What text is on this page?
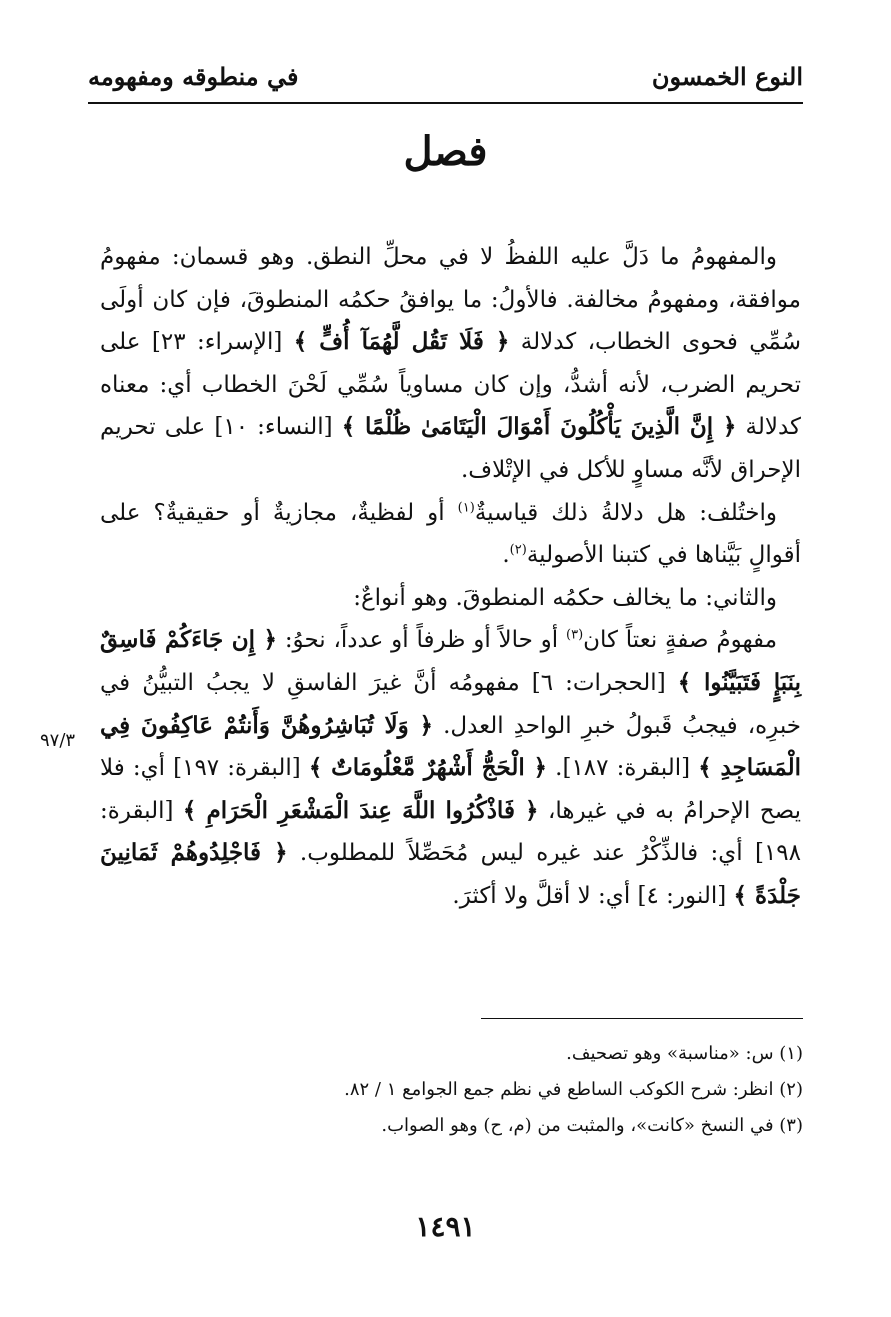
النوع الخمسون
في منطوقه ومفهومه
فصل

والمفهومُ ما دَلَّ عليه اللفظُ لا في محلِّ النطق. وهو قسمان: مفهومُ موافقة، ومفهومُ مخالفة. فالأولُ: ما يوافقُ حكمُه المنطوقَ، فإن كان أولَى سُمِّي فحوى الخطاب، كدلالة ﴿ فَلَا تَقُل لَّهُمَآ أُفٍّ ﴾ [الإسراء: ٢٣] على تحريم الضرب، لأنه أشدُّ، وإن كان مساوياً سُمِّي لَحْنَ الخطاب أي: معناه كدلالة ﴿ إِنَّ الَّذِينَ يَأْكُلُونَ أَمْوَالَ الْيَتَامَىٰ ظُلْمًا ﴾ [النساء: ١٠] على تحريم الإحراق لأنَّه مساوٍ للأكل في الإتْلاف.

واختُلف: هل دلالةُ ذلك قياسيةٌ$^{(١)}$ أو لفظيةٌ، مجازيةٌ أو حقيقيةٌ؟ على أقوالٍ بَيَّناها في كتبنا الأصولية$^{(٢)}$.

والثاني: ما يخالف حكمُه المنطوقَ. وهو أنواعٌ:

مفهومُ صفةٍ نعتاً كان$^{(٣)}$ أو حالاً أو ظرفاً أو عدداً، نحوُ: ﴿ إِن جَاءَكُمْ فَاسِقٌ بِنَبَإٍ فَتَبَيَّنُوا ﴾ [الحجرات: ٦] مفهومُه أنَّ غيرَ الفاسقِ لا يجبُ التبيُّنُ في خبرِه، فيجبُ قَبولُ خبرِ الواحدِ العدل. ﴿ وَلَا تُبَاشِرُوهُنَّ وَأَنتُمْ عَاكِفُونَ فِي الْمَسَاجِدِ ﴾ [البقرة: ١٨٧]. ﴿ الْحَجُّ أَشْهُرٌ مَّعْلُومَاتٌ ﴾ [البقرة: ١٩٧] أي: فلا يصح الإحرامُ به في غيرها، ﴿ فَاذْكُرُوا اللَّهَ عِندَ الْمَشْعَرِ الْحَرَامِ ﴾ [البقرة: ١٩٨] أي: فالذِّكْرُ عند غيره ليس مُحَصِّلاً للمطلوب. ﴿ فَاجْلِدُوهُمْ ثَمَانِينَ جَلْدَةً ﴾ [النور: ٤] أي: لا أقلَّ ولا أكثرَ.

٩٧/٣

(١) س: «مناسبة» وهو تصحيف.

(٢) انظر: شرح الكوكب الساطع في نظم جمع الجوامع ١ / ٨٢.

(٣) في النسخ «كانت»، والمثبت من (م، ح) وهو الصواب.

١٤٩١
